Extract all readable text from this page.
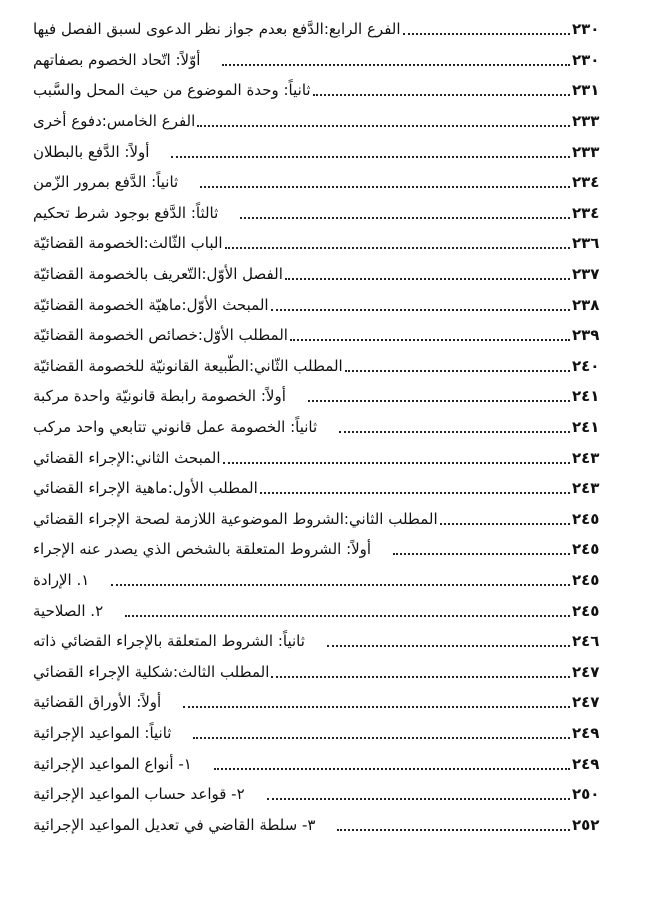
الفرع الرابع:الدَّفع بعدم جواز نظر الدعوى لسبق الفصل فيها	٢٣٠
أوّلاً: اتّحاد الخصوم بصفاتهم	٢٣٠
ثانياً: وحدة الموضوع من حيث المحل والسَّبب	٢٣١
الفرع الخامس:دفوع أخرى	٢٣٣
أولاً: الدَّفع بالبطلان	٢٣٣
ثانياً: الدَّفع بمرور الزّمن	٢٣٤
ثالثاً: الدَّفع بوجود شرط تحكيم	٢٣٤
الباب الثّالث:الخصومة القضائيّة	٢٣٦
الفصل الأوّل:التّعريف بالخصومة القضائيّة	٢٣٧
المبحث الأوّل:ماهيّة الخصومة القضائيّة	٢٣٨
المطلب الأوّل:خصائص الخصومة القضائيّة	٢٣٩
المطلب الثّاني:الطّبيعة القانونيّة للخصومة القضائيّة	٢٤٠
أولاً: الخصومة رابطة قانونيّة واحدة مركبة	٢٤١
ثانياً: الخصومة عمل قانوني تتابعي واحد مركب	٢٤١
المبحث الثاني:الإجراء القضائي	٢٤٣
المطلب الأول:ماهية الإجراء القضائي	٢٤٣
المطلب الثاني:الشروط الموضوعية اللازمة لصحة الإجراء القضائي	٢٤٥
أولاً: الشروط المتعلقة بالشخص الذي يصدر عنه الإجراء	٢٤٥
١. الإرادة	٢٤٥
٢. الصلاحية	٢٤٥
ثانياً: الشروط المتعلقة بالإجراء القضائي ذاته	٢٤٦
المطلب الثالث:شكلية الإجراء القضائي	٢٤٧
أولاً: الأوراق القضائية	٢٤٧
ثانياً: المواعيد الإجرائية	٢٤٩
١- أنواع المواعيد الإجرائية	٢٤٩
٢- قواعد حساب المواعيد الإجرائية	٢٥٠
٣- سلطة القاضي في تعديل المواعيد الإجرائية	٢٥٢
